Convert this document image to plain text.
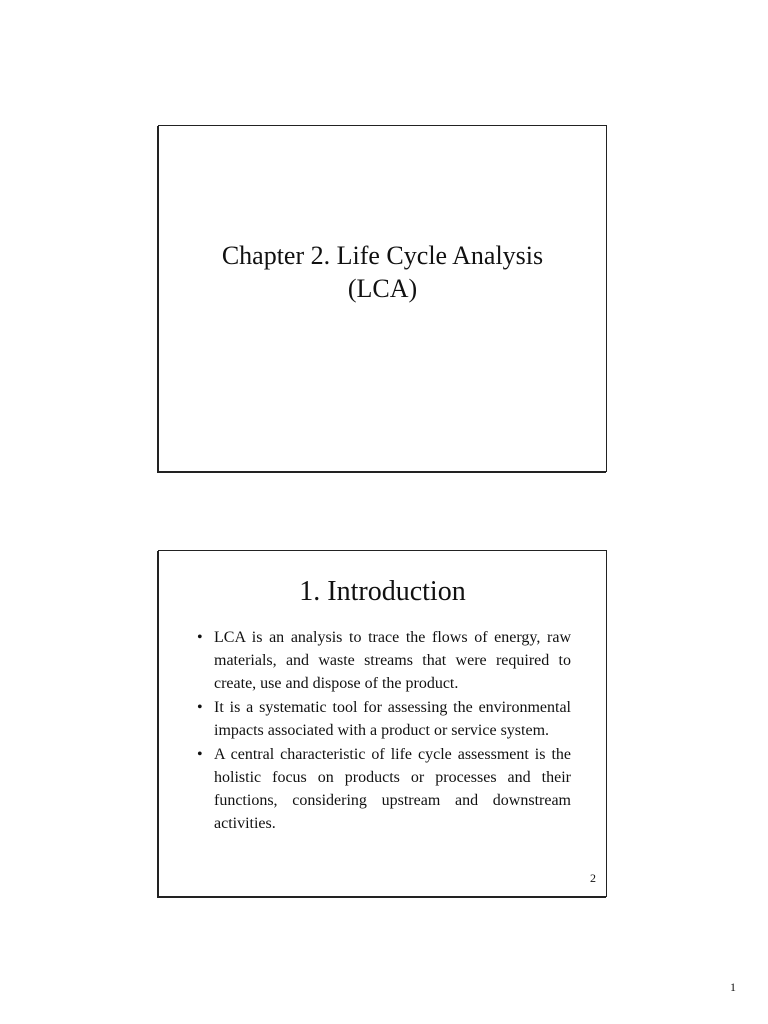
Chapter 2. Life Cycle Analysis
(LCA)
1. Introduction
• LCA is an analysis to trace the flows of energy, raw materials, and waste streams that were required to create, use and dispose of the product.
• It is a systematic tool for assessing the environmental impacts associated with a product or service system.
• A central characteristic of life cycle assessment is the holistic focus on products or processes and their functions, considering upstream and downstream activities.
2
1
